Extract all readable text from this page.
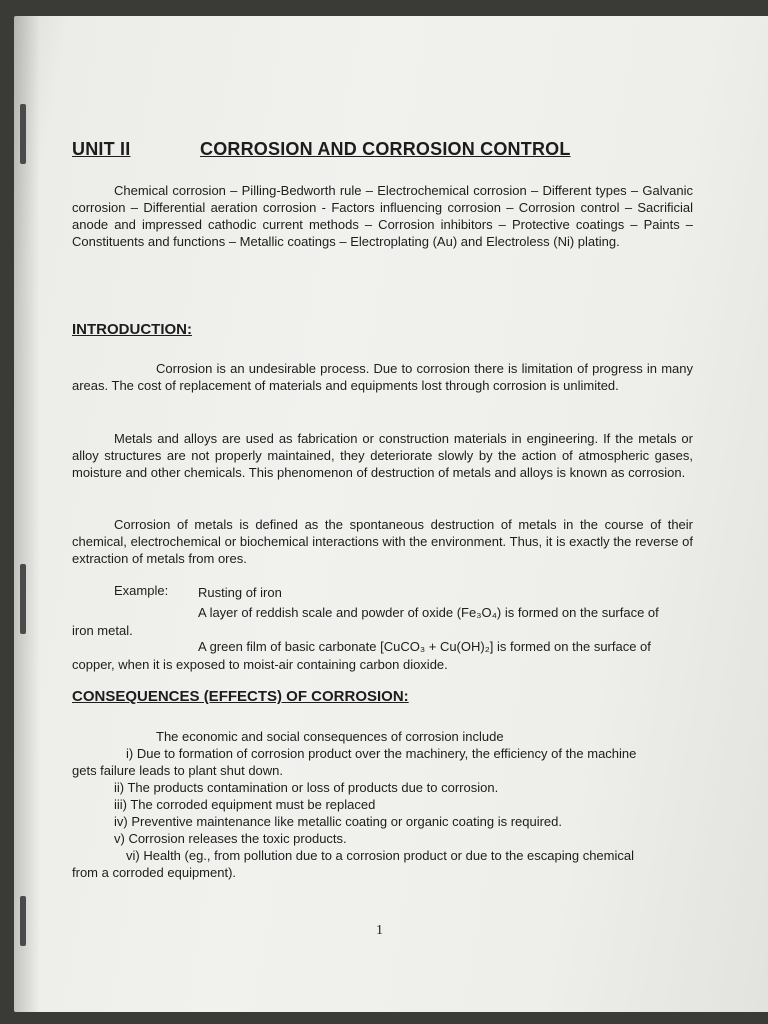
UNIT II	CORROSION AND CORROSION CONTROL
Chemical corrosion – Pilling-Bedworth rule – Electrochemical corrosion – Different types – Galvanic corrosion – Differential aeration corrosion - Factors influencing corrosion – Corrosion control – Sacrificial anode and impressed cathodic current methods – Corrosion inhibitors – Protective coatings – Paints – Constituents and functions – Metallic coatings – Electroplating (Au) and Electroless (Ni) plating.
INTRODUCTION:
Corrosion is an undesirable process. Due to corrosion there is limitation of progress in many areas. The cost of replacement of materials and equipments lost through corrosion is unlimited.
Metals and alloys are used as fabrication or construction materials in engineering. If the metals or alloy structures are not properly maintained, they deteriorate slowly by the action of atmospheric gases, moisture and other chemicals. This phenomenon of destruction of metals and alloys is known as corrosion.
Corrosion of metals is defined as the spontaneous destruction of metals in the course of their chemical, electrochemical or biochemical interactions with the environment. Thus, it is exactly the reverse of extraction of metals from ores.
Example: Rusting of iron
A layer of reddish scale and powder of oxide (Fe₃O₄) is formed on the surface of
iron metal.
A green film of basic carbonate [CuCO₃ + Cu(OH)₂] is formed on the surface of
copper, when it is exposed to moist-air containing carbon dioxide.
CONSEQUENCES (EFFECTS) OF CORROSION:
The economic and social consequences of corrosion include
i) Due to formation of corrosion product over the machinery, the efficiency of the machine
gets failure leads to plant shut down.
ii) The products contamination or loss of products due to corrosion.
iii) The corroded equipment must be replaced
iv) Preventive maintenance like metallic coating or organic coating is required.
v) Corrosion releases the toxic products.
vi) Health (eg., from pollution due to a corrosion product or due to the escaping chemical
from a corroded equipment).
1
